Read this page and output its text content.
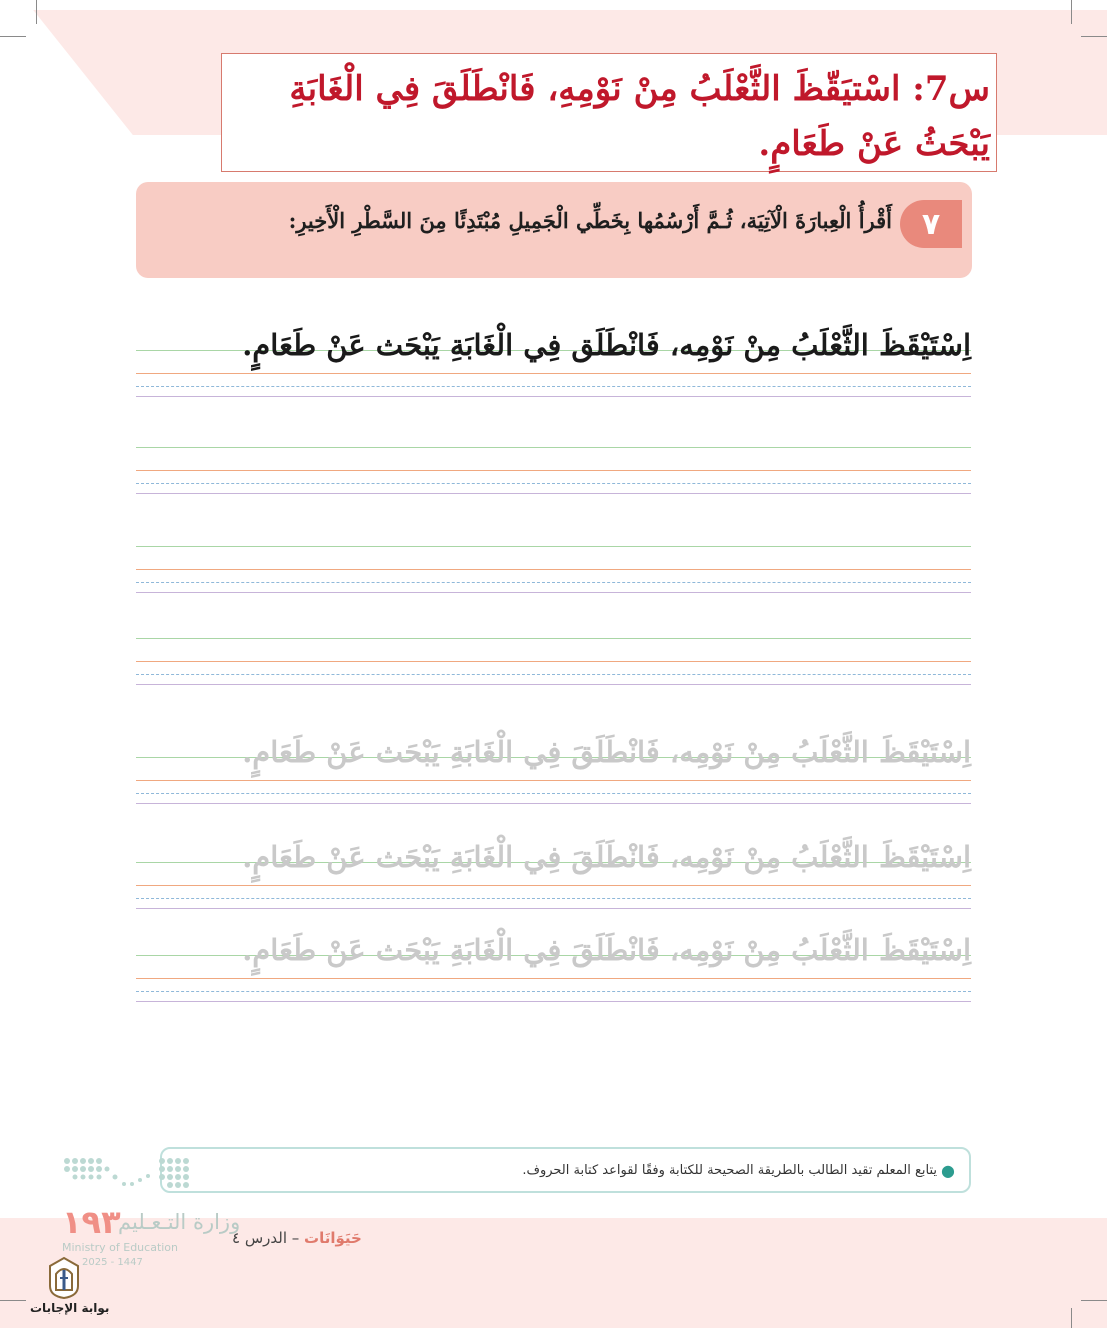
س7: اسْتيَقّظَ الثَّعْلَبُ مِنْ نَوْمِهِ، فَانْطَلَقَ فِي الْغَابَةِ يَبْحَثُ عَنْ طَعَامٍ.

٧
أَقْرأُ الْعِبارَةَ الْآتِيَة، ثُـمَّ أَرْسُمُها بِخَطِّي الْجَمِيلِ مُبْتَدِئًا مِنَ السَّطْرِ الْأَخِيرِ:
اِسْتَيْقَظَ الثَّعْلَبُ مِنْ نَوْمِه، فَانْطَلَق فِي الْغَابَةِ يَبْحَث عَنْ طَعَامٍ.
اِسْتَيْقَظَ الثَّعْلَبُ مِنْ نَوْمِه، فَانْطَلَقَ فِي الْغَابَةِ يَبْحَث عَنْ طَعَامٍ.
اِسْتَيْقَظَ الثَّعْلَبُ مِنْ نَوْمِه، فَانْطَلَقَ فِي الْغَابَةِ يَبْحَث عَنْ طَعَامٍ.
اِسْتَيْقَظَ الثَّعْلَبُ مِنْ نَوْمِه، فَانْطَلَقَ فِي الْغَابَةِ يَبْحَث عَنْ طَعَامٍ.
●
يتابع المعلم تقيد الطالب بالطريقة الصحيحة للكتابة وفقًا لقواعد كتابة الحروف.
وزارة التـعـليم
١٩٣
Ministry of Education
2025 - 1447
حَيَوَانَات – الدرس ٤
بوابة الإجابات
